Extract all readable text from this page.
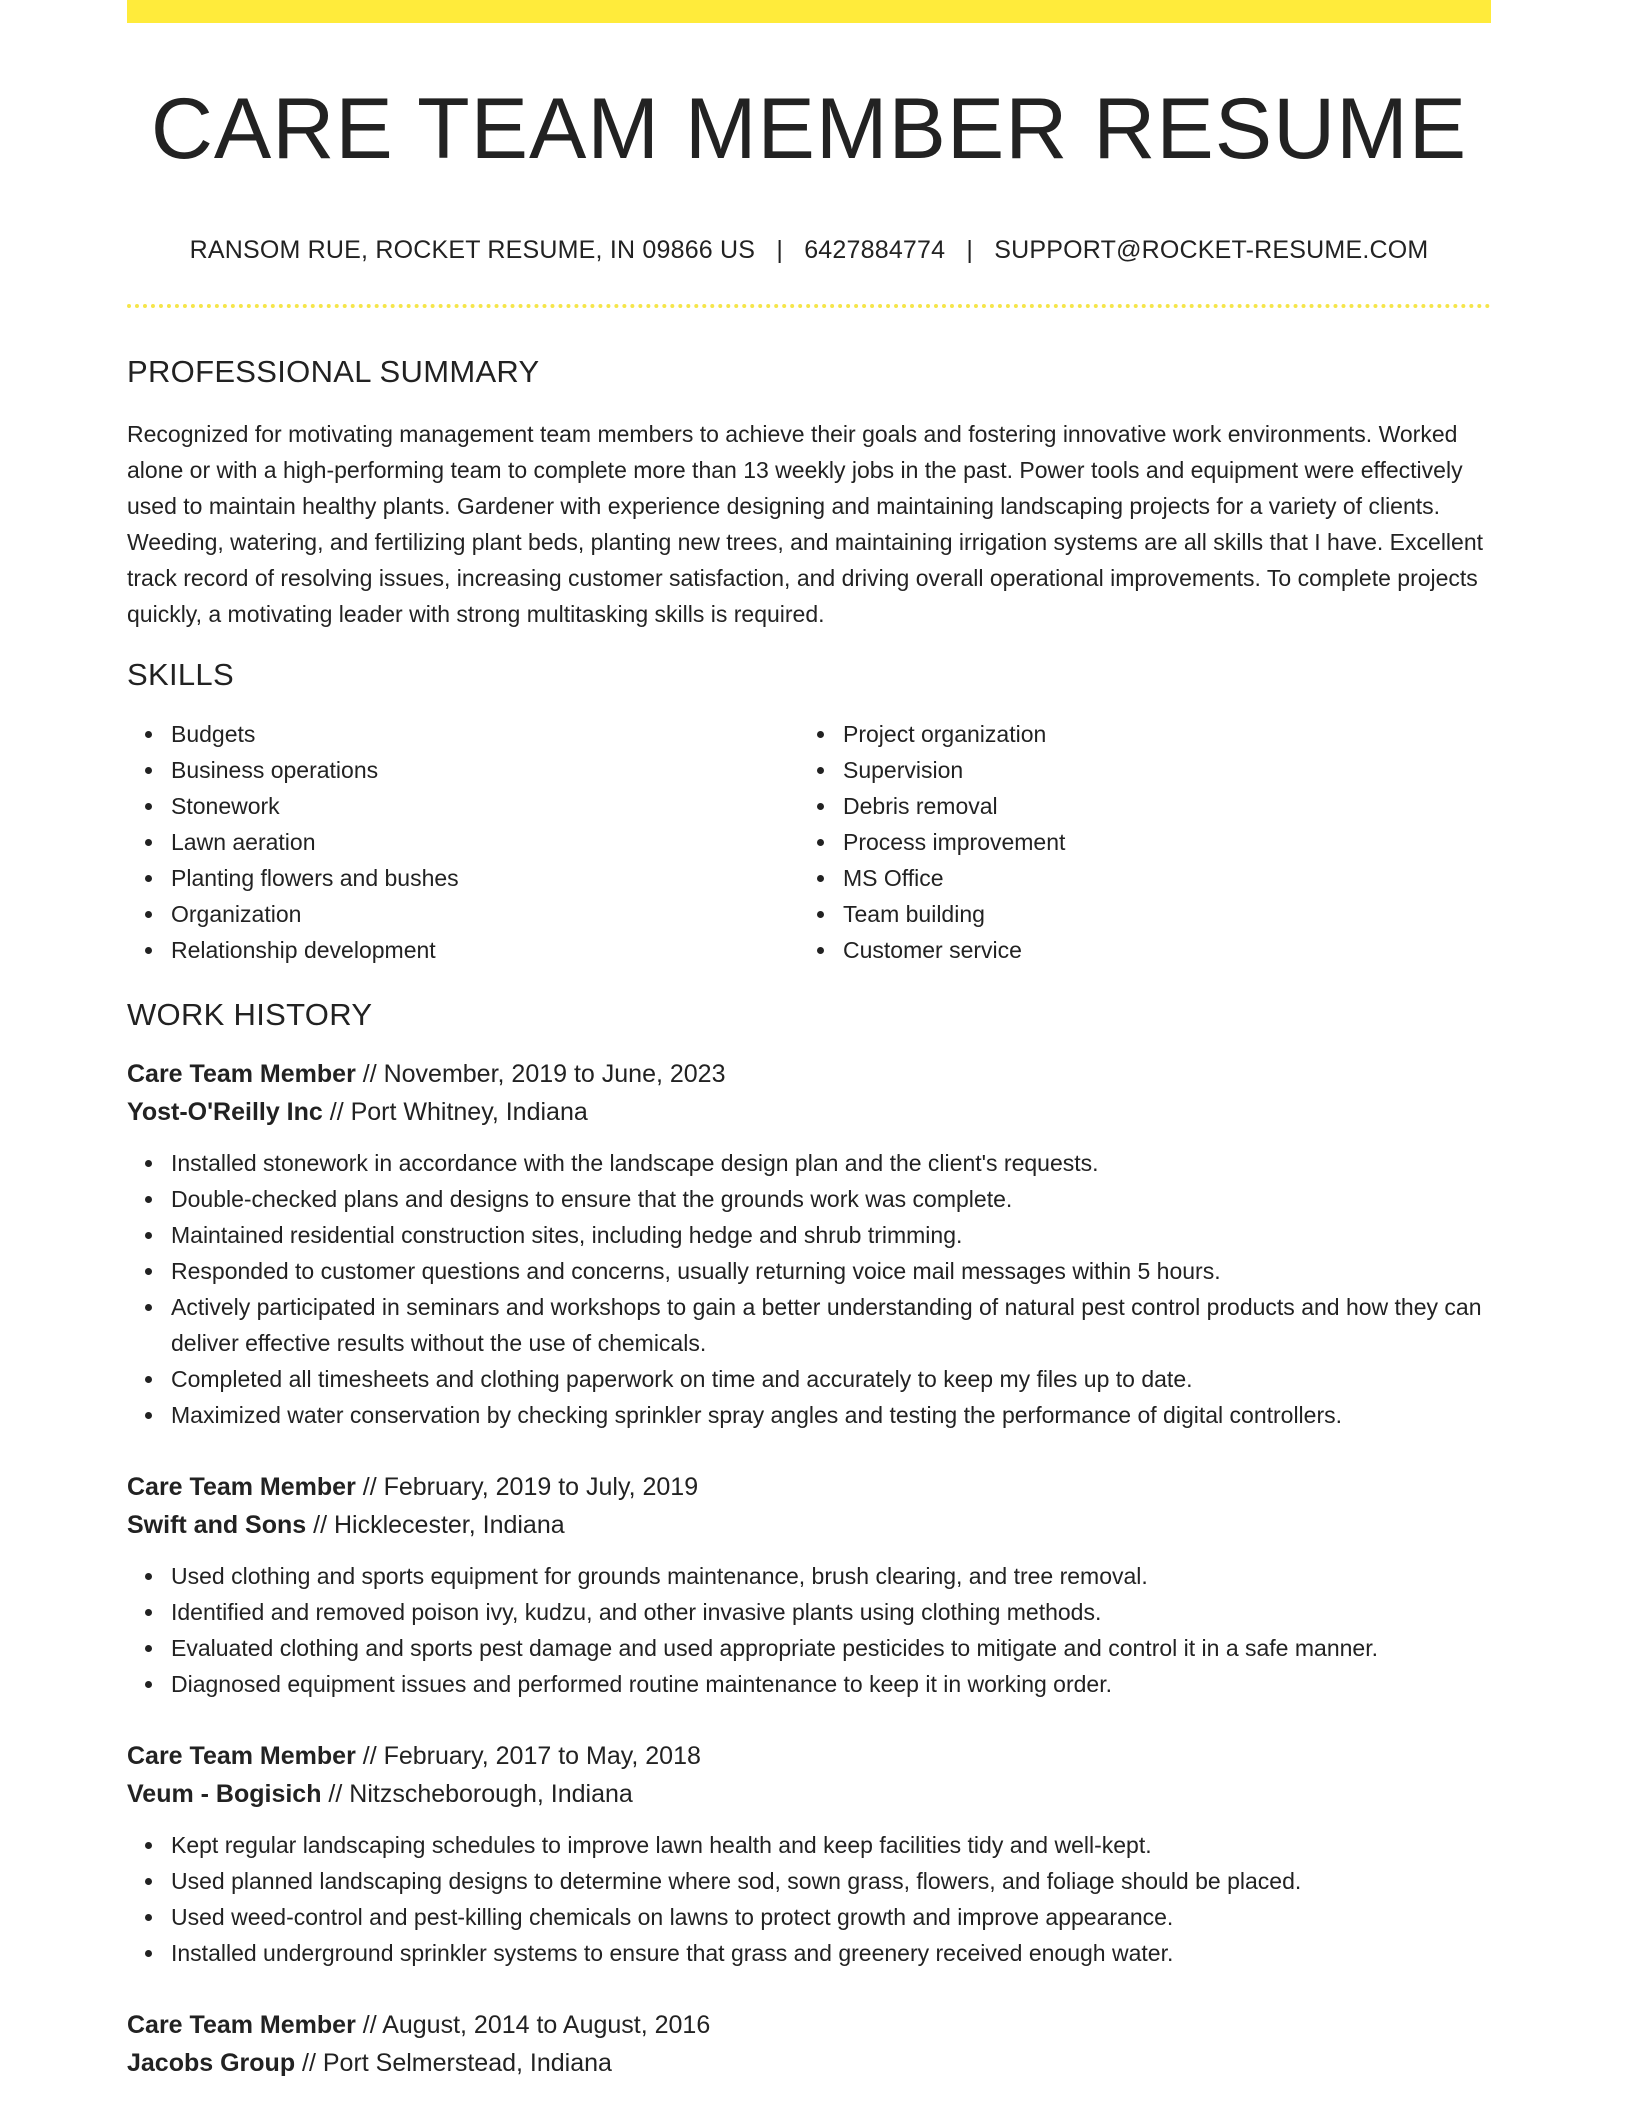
CARE TEAM MEMBER RESUME
RANSOM RUE, ROCKET RESUME, IN 09866 US | 6427884774 | SUPPORT@ROCKET-RESUME.COM
PROFESSIONAL SUMMARY

Recognized for motivating management team members to achieve their goals and fostering innovative work environments. Worked alone or with a high-performing team to complete more than 13 weekly jobs in the past. Power tools and equipment were effectively used to maintain healthy plants. Gardener with experience designing and maintaining landscaping projects for a variety of clients. Weeding, watering, and fertilizing plant beds, planting new trees, and maintaining irrigation systems are all skills that I have. Excellent track record of resolving issues, increasing customer satisfaction, and driving overall operational improvements. To complete projects quickly, a motivating leader with strong multitasking skills is required.

SKILLS
Budgets
Business operations
Stonework
Lawn aeration
Planting flowers and bushes
Organization
Relationship development
Project organization
Supervision
Debris removal
Process improvement
MS Office
Team building
Customer service
WORK HISTORY
Care Team Member // November, 2019 to June, 2023
Yost-O'Reilly Inc // Port Whitney, Indiana
Installed stonework in accordance with the landscape design plan and the client's requests.
Double-checked plans and designs to ensure that the grounds work was complete.
Maintained residential construction sites, including hedge and shrub trimming.
Responded to customer questions and concerns, usually returning voice mail messages within 5 hours.
Actively participated in seminars and workshops to gain a better understanding of natural pest control products and how they can deliver effective results without the use of chemicals.
Completed all timesheets and clothing paperwork on time and accurately to keep my files up to date.
Maximized water conservation by checking sprinkler spray angles and testing the performance of digital controllers.
Care Team Member // February, 2019 to July, 2019
Swift and Sons // Hicklecester, Indiana
Used clothing and sports equipment for grounds maintenance, brush clearing, and tree removal.
Identified and removed poison ivy, kudzu, and other invasive plants using clothing methods.
Evaluated clothing and sports pest damage and used appropriate pesticides to mitigate and control it in a safe manner.
Diagnosed equipment issues and performed routine maintenance to keep it in working order.
Care Team Member // February, 2017 to May, 2018
Veum - Bogisich // Nitzscheborough, Indiana
Kept regular landscaping schedules to improve lawn health and keep facilities tidy and well-kept.
Used planned landscaping designs to determine where sod, sown grass, flowers, and foliage should be placed.
Used weed-control and pest-killing chemicals on lawns to protect growth and improve appearance.
Installed underground sprinkler systems to ensure that grass and greenery received enough water.
Care Team Member // August, 2014 to August, 2016
Jacobs Group // Port Selmerstead, Indiana
